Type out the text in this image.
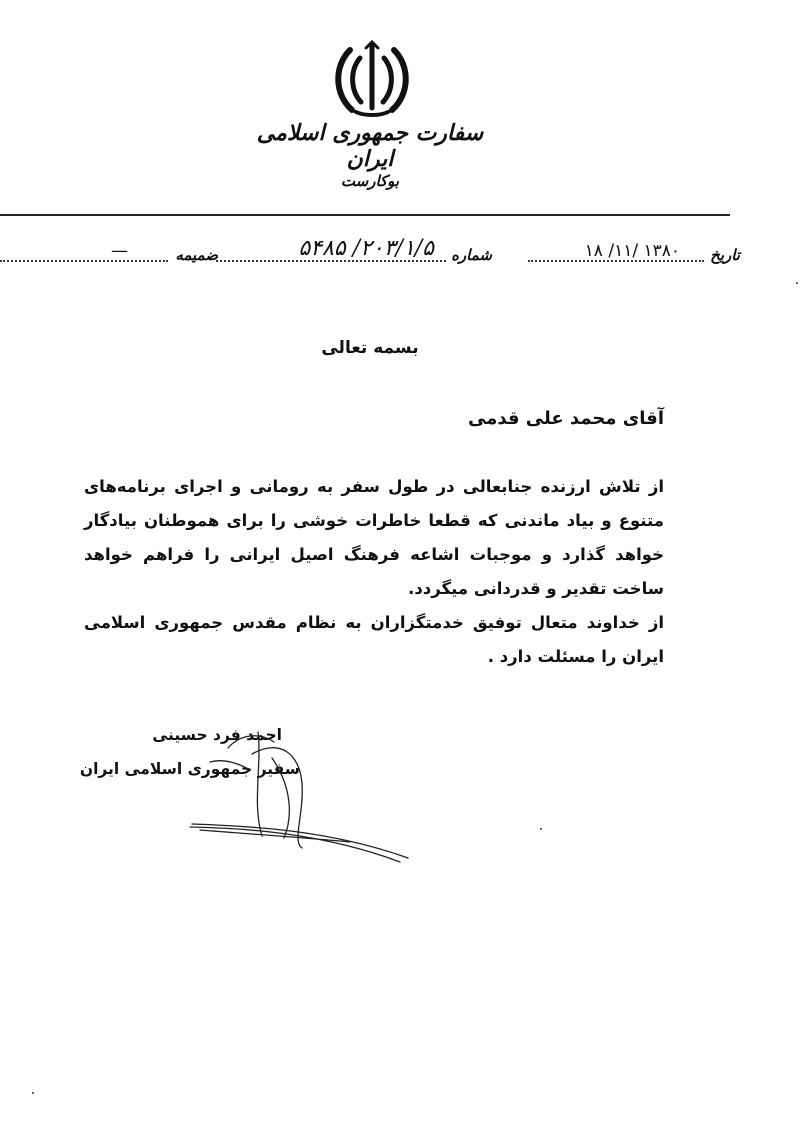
سفارت جمهوری اسلامی ایران
بوکارست
تاریخ
۱۳۸۰ /۱۱/ ۱۸
شماره
۲۰۳/۱/۵/ ۵۴۸۵
ضمیمه
—
بسمه تعالی
آقای محمد علی قدمی

از تلاش ارزنده جنابعالی در طول سفر به رومانی و اجرای برنامه‌های متنوع و بیاد ماندنی که قطعا خاطرات خوشی را برای هموطنان بیادگار خواهد گذارد و موجبات اشاعه فرهنگ اصیل ایرانی را فراهم خواهد ساخت تقدیر و قدردانی میگردد.

از خداوند متعال توفیق خدمتگزاران به نظام مقدس جمهوری اسلامی ایران را مسئلت دارد .

احمد فرد حسینی
سفیر جمهوری اسلامی ایران
